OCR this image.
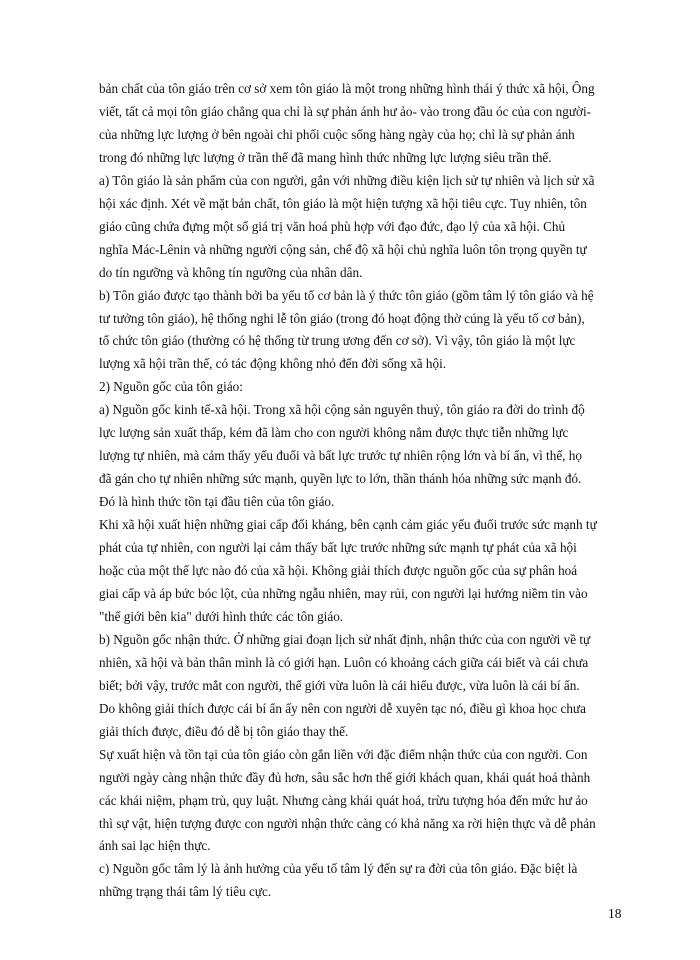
bản chất của tôn giáo trên cơ sở xem tôn giáo là một trong những hình thái ý thức xã hội, Ông
viết, tất cả mọi tôn giáo chẳng qua chỉ là sự phản ánh hư ảo- vào trong đầu óc của con người-
của những lực lượng ở bên ngoài chi phối cuộc sống hàng ngày của họ; chỉ là sự phản ánh
trong đó những lực lượng ở trần thế đã mang hình thức những lực lượng siêu trần thế.

a) Tôn giáo là sản phẩm của con người, gắn với những điều kiện lịch sử tự nhiên và lịch sử xã
hội xác định. Xét về mặt bản chất, tôn giáo là một hiện tượng xã hội tiêu cực. Tuy nhiên, tôn
giáo cũng chứa đựng một số giá trị văn hoá phù hợp với đạo đức, đạo lý của xã hội. Chủ
nghĩa Mác-Lênin và những người cộng sản, chế độ xã hội chủ nghĩa luôn tôn trọng quyền tự
do tín ngưỡng và không tín ngưỡng của nhân dân.

b) Tôn giáo được tạo thành bởi ba yếu tố cơ bản là ý thức tôn giáo (gồm tâm lý tôn giáo và hệ
tư tưởng tôn giáo), hệ thống nghi lễ tôn giáo (trong đó hoạt động thờ cúng là yếu tố cơ bản),
tổ chức tôn giáo (thường có hệ thống từ trung ương đến cơ sở). Vì vậy, tôn giáo là một lực
lượng xã hội trần thế, có tác động không nhỏ đến đời sống xã hội.

2) Nguồn gốc của tôn giáo:

a) Nguồn gốc kinh tế-xã hội. Trong xã hội cộng sản nguyên thuỷ, tôn giáo ra đời do trình độ
lực lượng sản xuất thấp, kém đã làm cho con người không nắm được thực tiễn những lực
lượng tự nhiên, mà cảm thấy yếu đuối và bất lực trước tự nhiên rộng lớn và bí ẩn, vì thế, họ
đã gán cho tự nhiên những sức mạnh, quyền lực to lớn, thần thánh hóa những sức mạnh đó.
Đó là hình thức tồn tại đầu tiên của tôn giáo.

Khi xã hội xuất hiện những giai cấp đối kháng, bên cạnh cảm giác yếu đuối trước sức mạnh tự
phát của tự nhiên, con người lại cảm thấy bất lực trước những sức mạnh tự phát của xã hội
hoặc của một thế lực nào đó của xã hội. Không giải thích được nguồn gốc của sự phân hoá
giai cấp và áp bức bóc lột, của những ngẫu nhiên, may rủi, con người lại hướng niềm tin vào
"thế giới bên kia" dưới hình thức các tôn giáo.

b) Nguồn gốc nhận thức. Ở những giai đoạn lịch sử nhất định, nhận thức của con người về tự
nhiên, xã hội và bản thân mình là có giới hạn. Luôn có khoảng cách giữa cái biết và cái chưa
biết; bởi vậy, trước mắt con người, thế giới vừa luôn là cái hiểu được, vừa luôn là cái bí ẩn.
Do không giải thích được cái bí ẩn ấy nên con người dễ xuyên tạc nó, điều gì khoa học chưa
giải thích được, điều đó dễ bị tôn giáo thay thế.

Sự xuất hiện và tồn tại của tôn giáo còn gắn liền với đặc điểm nhận thức của con người. Con
người ngày càng nhận thức đầy đủ hơn, sâu sắc hơn thế giới khách quan, khái quát hoá thành
các khái niệm, phạm trù, quy luật. Nhưng càng khái quát hoá, trừu tượng hóa đến mức hư ảo
thì sự vật, hiện tượng được con người nhận thức càng có khả năng xa rời hiện thực và dễ phản
ánh sai lạc hiện thực.

c) Nguồn gốc tâm lý là ảnh hưởng của yếu tố tâm lý đến sự ra đời của tôn giáo. Đặc biệt là
những trạng thái tâm lý tiêu cực.

18
